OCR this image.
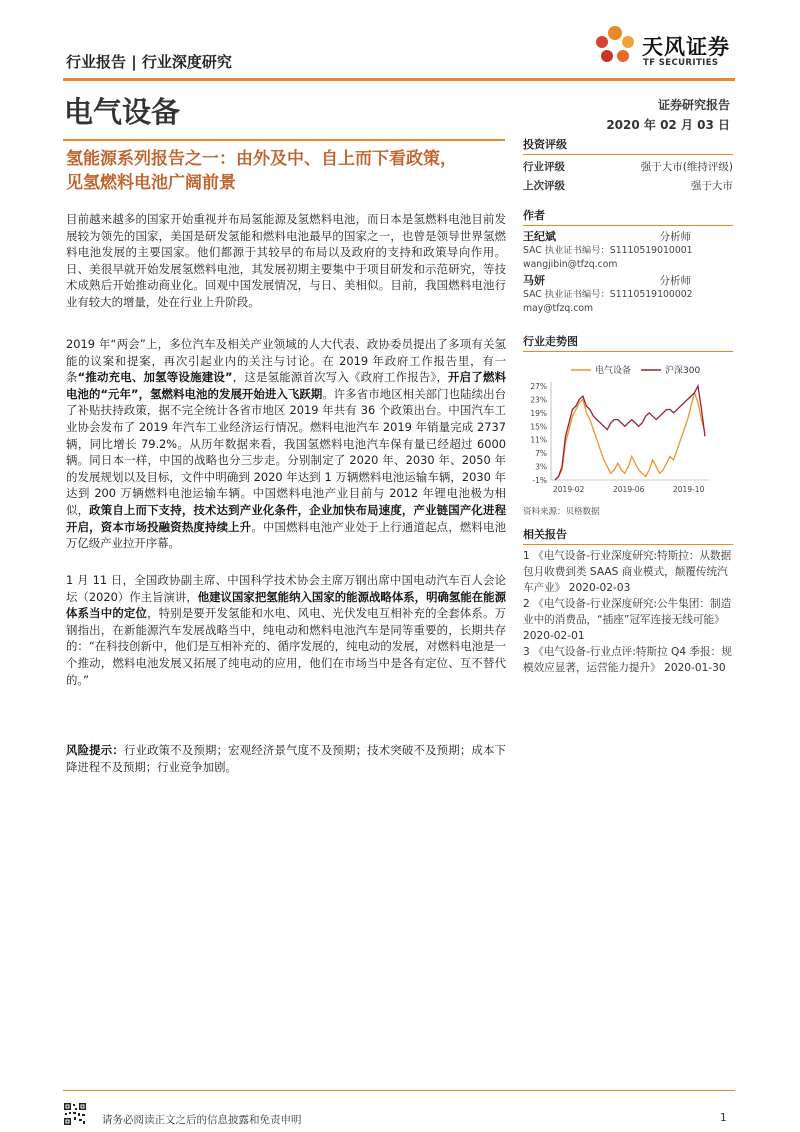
行业报告 | 行业深度研究
天风证券
TF SECURITIES
电气设备	证券研究报告
2020 年 02 月 03 日
氢能源系列报告之一：由外及中、自上而下看政策，
见氢燃料电池广阔前景
目前越来越多的国家开始重视并布局氢能源及氢燃料电池，而日本是氢燃料电池目前发展较为领先的国家，美国是研发氢能和燃料电池最早的国家之一，也曾是领导世界氢燃料电池发展的主要国家。他们都源于其较早的布局以及政府的支持和政策导向作用。日、美很早就开始发展氢燃料电池，其发展初期主要集中于项目研发和示范研究，等技术成熟后开始推动商业化。回观中国发展情况，与日、美相似。目前，我国燃料电池行业有较大的增量，处在行业上升阶段。
2019 年“两会”上，多位汽车及相关产业领域的人大代表、政协委员提出了多项有关氢能的议案和提案，再次引起业内的关注与讨论。在 2019 年政府工作报告里，有一条“推动充电、加氢等设施建设”，这是氢能源首次写入《政府工作报告》，开启了燃料电池的“元年”，氢燃料电池的发展开始进入飞跃期。许多省市地区相关部门也陆续出台了补贴扶持政策，据不完全统计各省市地区 2019 年共有 36 个政策出台。中国汽车工业协会发布了 2019 年汽车工业经济运行情况。燃料电池汽车 2019 年销量完成 2737 辆，同比增长 79.2%。从历年数据来看，我国氢燃料电池汽车保有量已经超过 6000 辆。同日本一样，中国的战略也分三步走。分别制定了 2020 年、2030 年、2050 年的发展规划以及目标，文件中明确到 2020 年达到 1 万辆燃料电池运输车辆，2030 年达到 200 万辆燃料电池运输车辆。中国燃料电池产业目前与 2012 年锂电池极为相似，政策自上而下支持，技术达到产业化条件，企业加快布局速度，产业链国产化进程开启，资本市场投融资热度持续上升。中国燃料电池产业处于上行通道起点，燃料电池万亿级产业拉开序幕。
1 月 11 日，全国政协副主席、中国科学技术协会主席万钢出席中国电动汽车百人会论坛（2020）作主旨演讲，他建议国家把氢能纳入国家的能源战略体系，明确氢能在能源体系当中的定位，特别是要开发氢能和水电、风电、光伏发电互相补充的全套体系。万钢指出，在新能源汽车发展战略当中，纯电动和燃料电池汽车是同等重要的，长期共存的：“在科技创新中，他们是互相补充的、循序发展的，纯电动的发展，对燃料电池是一个推动，燃料电池发展又拓展了纯电动的应用，他们在市场当中是各有定位、互不替代的。”
风险提示：行业政策不及预期；宏观经济景气度不及预期；技术突破不及预期；成本下降进程不及预期；行业竞争加剧。
投资评级
行业评级	强于大市(维持评级)
上次评级	强于大市
作者
王纪斌	分析师
SAC 执业证书编号：S1110519010001
wangjibin@tfzq.com
马妍	分析师
SAC 执业证书编号：S1110519100002
may@tfzq.com
行业走势图
电气设备	沪深300
27%
23%
19%
15%
11%
7%
3%
-1%
2019-02	2019-06	2019-10
资料来源：贝格数据
相关报告
1 《电气设备-行业深度研究:特斯拉：从数据包月收费到类 SAAS 商业模式，颠覆传统汽车产业》 2020-02-03
2 《电气设备-行业深度研究:公牛集团：制造业中的消费品，“插座”冠军连接无线可能》 2020-02-01
3 《电气设备-行业点评:特斯拉 Q4 季报：规模效应显著，运营能力提升》 2020-01-30
请务必阅读正文之后的信息披露和免责申明	1
